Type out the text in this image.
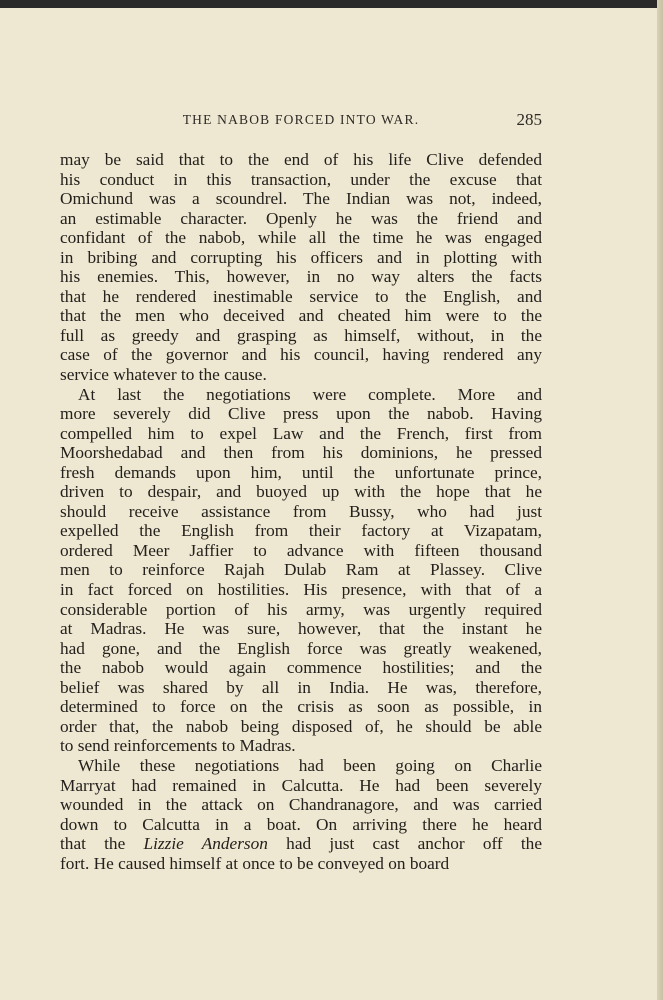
THE NABOB FORCED INTO WAR.	285
may be said that to the end of his life Clive defended
his conduct in this transaction, under the excuse that
Omichund was a scoundrel. The Indian was not, indeed,
an estimable character. Openly he was the friend and
confidant of the nabob, while all the time he was engaged
in bribing and corrupting his officers and in plotting with
his enemies. This, however, in no way alters the facts
that he rendered inestimable service to the English, and
that the men who deceived and cheated him were to the
full as greedy and grasping as himself, without, in the
case of the governor and his council, having rendered any
service whatever to the cause.
At last the negotiations were complete. More and
more severely did Clive press upon the nabob. Having
compelled him to expel Law and the French, first from
Moorshedabad and then from his dominions, he pressed
fresh demands upon him, until the unfortunate prince,
driven to despair, and buoyed up with the hope that he
should receive assistance from Bussy, who had just
expelled the English from their factory at Vizapatam,
ordered Meer Jaffier to advance with fifteen thousand
men to reinforce Rajah Dulab Ram at Plassey. Clive
in fact forced on hostilities. His presence, with that of a
considerable portion of his army, was urgently required
at Madras. He was sure, however, that the instant he
had gone, and the English force was greatly weakened,
the nabob would again commence hostilities; and the
belief was shared by all in India. He was, therefore,
determined to force on the crisis as soon as possible, in
order that, the nabob being disposed of, he should be able
to send reinforcements to Madras.
While these negotiations had been going on Charlie
Marryat had remained in Calcutta. He had been severely
wounded in the attack on Chandranagore, and was carried
down to Calcutta in a boat. On arriving there he heard
that the Lizzie Anderson had just cast anchor off the
fort. He caused himself at once to be conveyed on board
